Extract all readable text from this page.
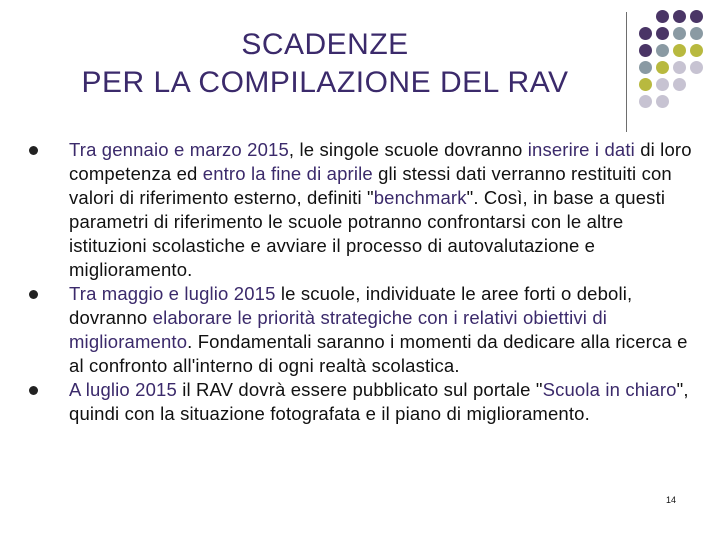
SCADENZE
PER LA COMPILAZIONE DEL RAV
Tra gennaio e marzo 2015, le singole scuole dovranno inserire i dati di loro competenza ed entro la fine di aprile gli stessi dati verranno restituiti con valori di riferimento esterno, definiti "benchmark". Così, in base a questi parametri di riferimento le scuole potranno confrontarsi con le altre istituzioni scolastiche e avviare il processo di autovalutazione e miglioramento.
Tra maggio e luglio 2015 le scuole, individuate le aree forti o deboli, dovranno elaborare le priorità strategiche con i relativi obiettivi di miglioramento. Fondamentali saranno i momenti da dedicare alla ricerca e al confronto all'interno di ogni realtà scolastica.
A luglio 2015 il RAV dovrà essere pubblicato sul portale "Scuola in chiaro", quindi con la situazione fotografata e il piano di miglioramento.
14
